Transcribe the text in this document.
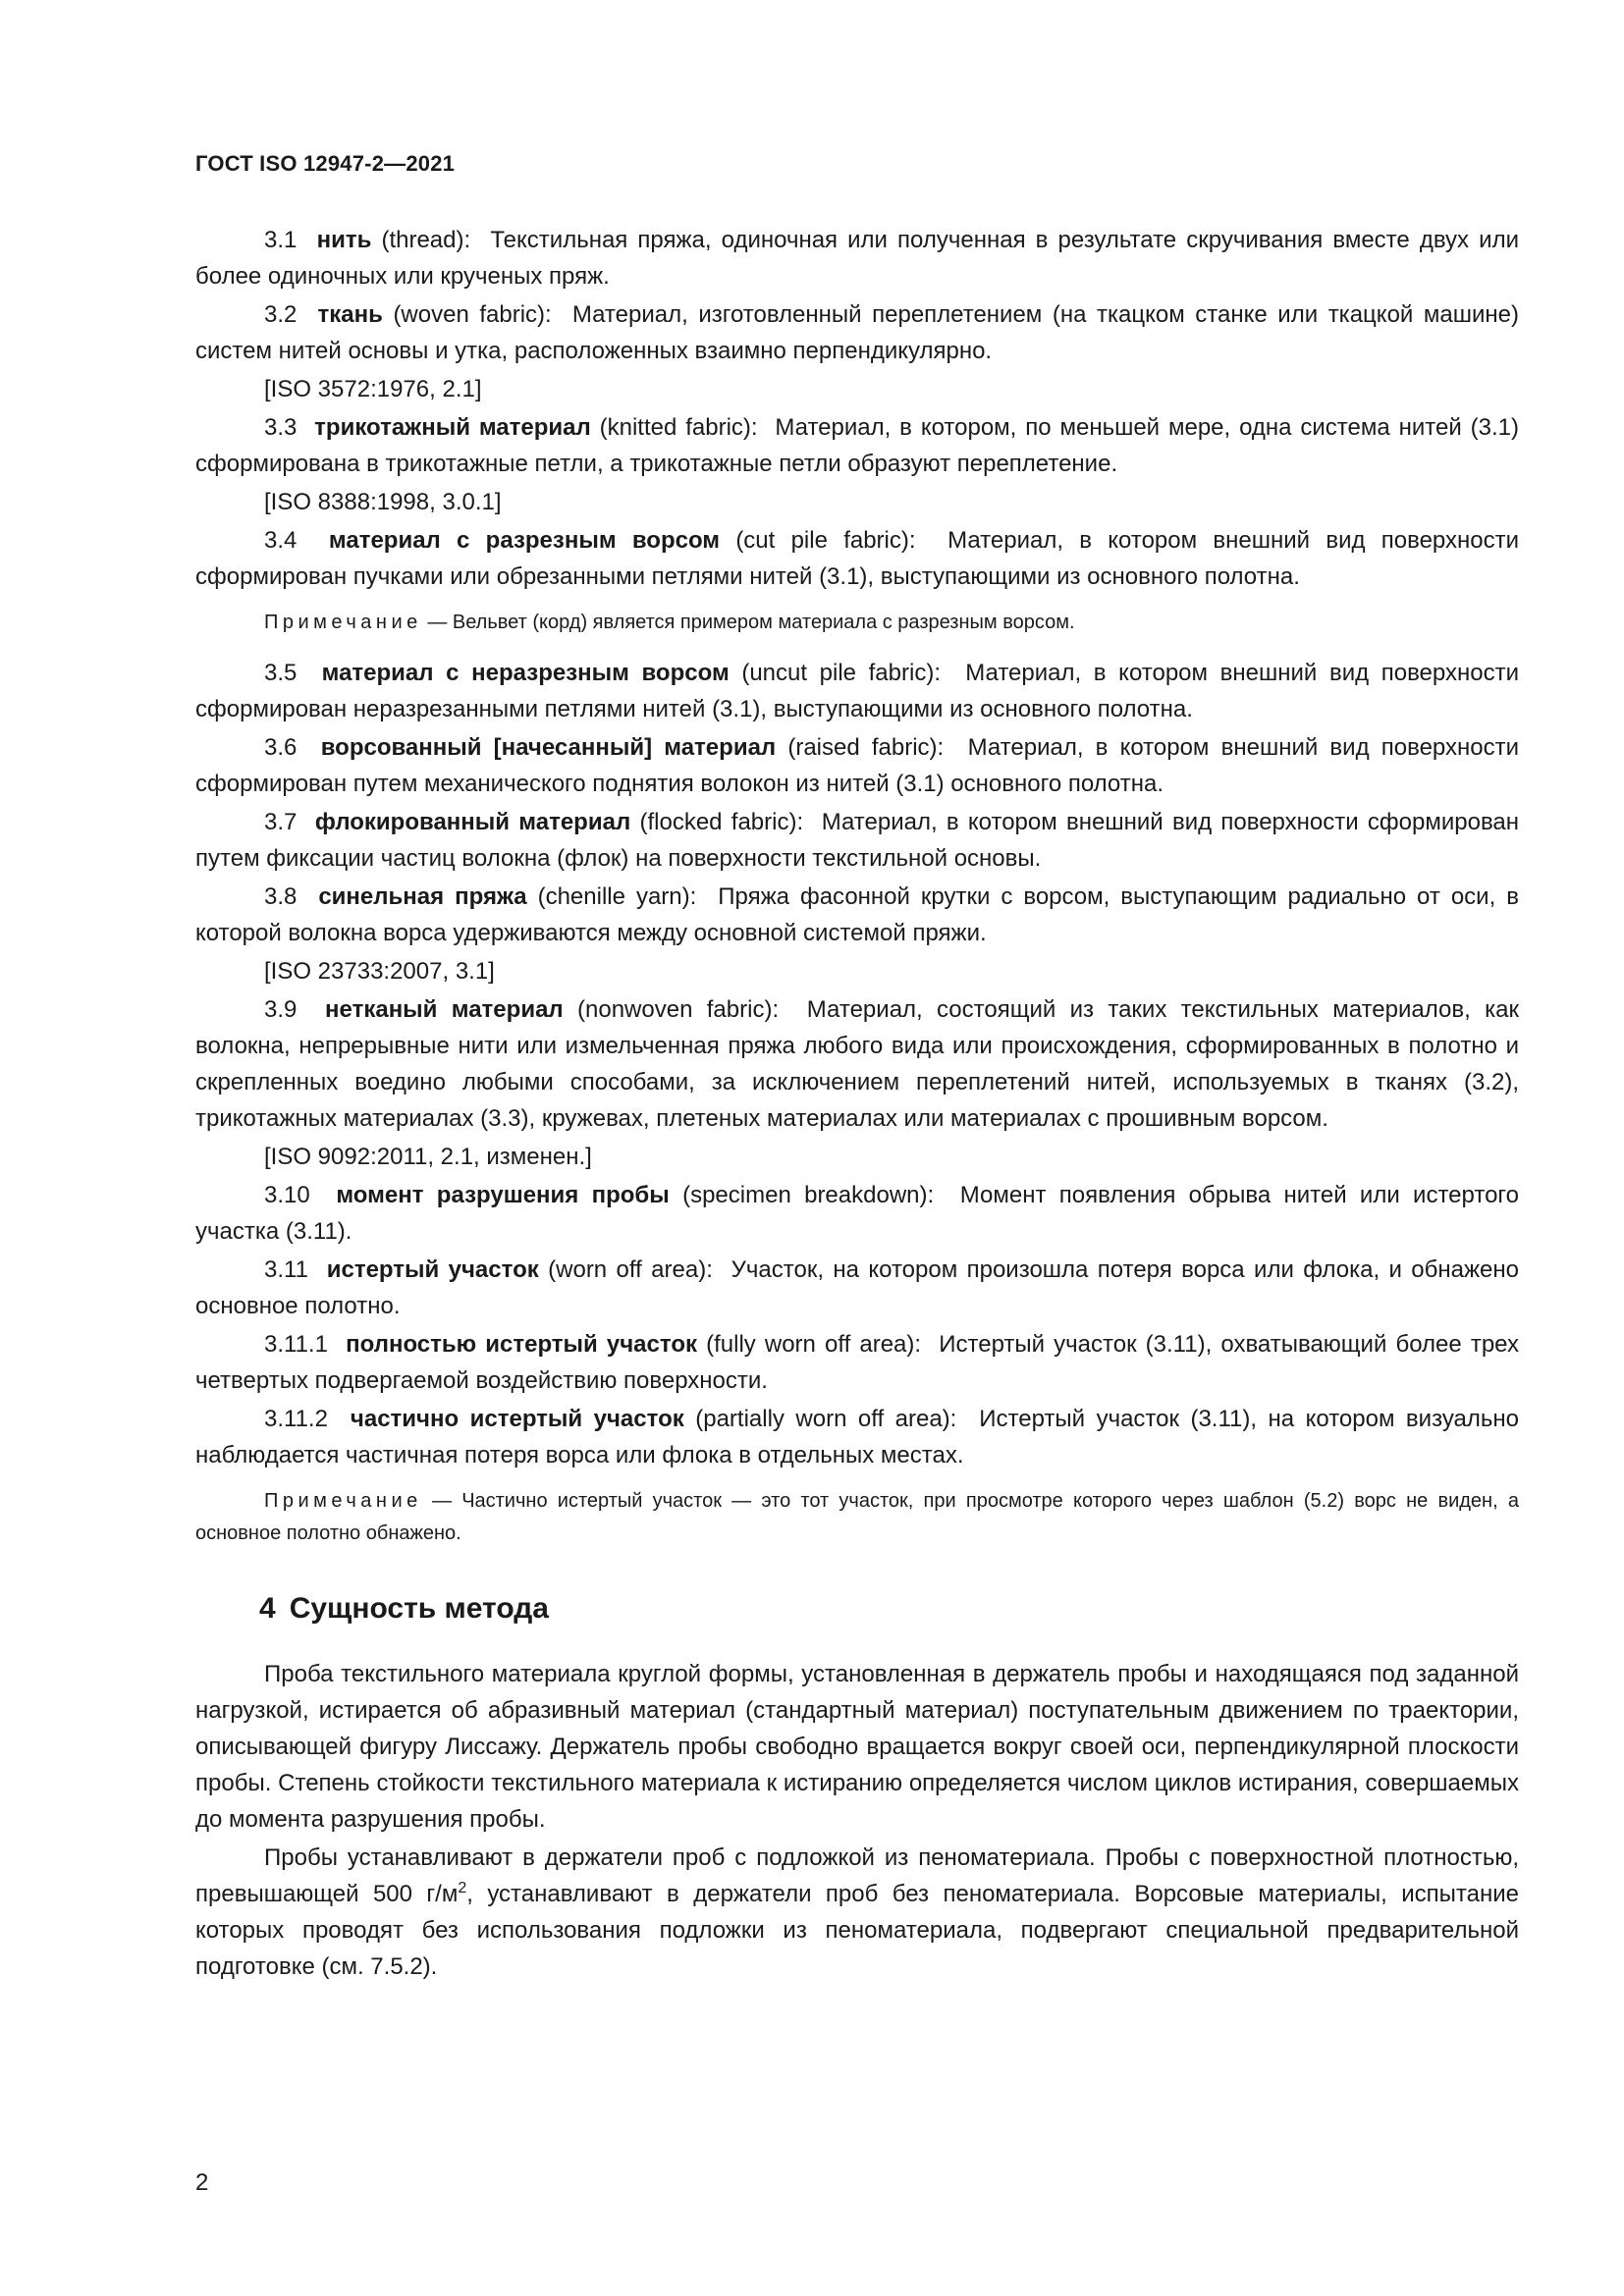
ГОСТ ISO 12947-2—2021

3.1 нить (thread): Текстильная пряжа, одиночная или полученная в результате скручивания вместе двух или более одиночных или крученых пряж.

3.2 ткань (woven fabric): Материал, изготовленный переплетением (на ткацком станке или ткацкой машине) систем нитей основы и утка, расположенных взаимно перпендикулярно.

[ISO 3572:1976, 2.1]

3.3 трикотажный материал (knitted fabric): Материал, в котором, по меньшей мере, одна система нитей (3.1) сформирована в трикотажные петли, а трикотажные петли образуют переплетение.

[ISO 8388:1998, 3.0.1]

3.4 материал с разрезным ворсом (cut pile fabric): Материал, в котором внешний вид поверхности сформирован пучками или обрезанными петлями нитей (3.1), выступающими из основного полотна.

Примечание — Вельвет (корд) является примером материала с разрезным ворсом.

3.5 материал с неразрезным ворсом (uncut pile fabric): Материал, в котором внешний вид поверхности сформирован неразрезанными петлями нитей (3.1), выступающими из основного полотна.

3.6 ворсованный [начесанный] материал (raised fabric): Материал, в котором внешний вид поверхности сформирован путем механического поднятия волокон из нитей (3.1) основного полотна.

3.7 флокированный материал (flocked fabric): Материал, в котором внешний вид поверхности сформирован путем фиксации частиц волокна (флок) на поверхности текстильной основы.

3.8 синельная пряжа (chenille yarn): Пряжа фасонной крутки с ворсом, выступающим радиально от оси, в которой волокна ворса удерживаются между основной системой пряжи.

[ISO 23733:2007, 3.1]

3.9 нетканый материал (nonwoven fabric): Материал, состоящий из таких текстильных материалов, как волокна, непрерывные нити или измельченная пряжа любого вида или происхождения, сформированных в полотно и скрепленных воедино любыми способами, за исключением переплетений нитей, используемых в тканях (3.2), трикотажных материалах (3.3), кружевах, плетеных материалах или материалах с прошивным ворсом.

[ISO 9092:2011, 2.1, изменен.]

3.10 момент разрушения пробы (specimen breakdown): Момент появления обрыва нитей или истертого участка (3.11).

3.11 истертый участок (worn off area): Участок, на котором произошла потеря ворса или флока, и обнажено основное полотно.

3.11.1 полностью истертый участок (fully worn off area): Истертый участок (3.11), охватывающий более трех четвертых подвергаемой воздействию поверхности.

3.11.2 частично истертый участок (partially worn off area): Истертый участок (3.11), на котором визуально наблюдается частичная потеря ворса или флока в отдельных местах.

Примечание — Частично истертый участок — это тот участок, при просмотре которого через шаблон (5.2) ворс не виден, а основное полотно обнажено.

4 Сущность метода

Проба текстильного материала круглой формы, установленная в держатель пробы и находящаяся под заданной нагрузкой, истирается об абразивный материал (стандартный материал) поступательным движением по траектории, описывающей фигуру Лиссажу. Держатель пробы свободно вращается вокруг своей оси, перпендикулярной плоскости пробы. Степень стойкости текстильного материала к истиранию определяется числом циклов истирания, совершаемых до момента разрушения пробы.

Пробы устанавливают в держатели проб с подложкой из пеноматериала. Пробы с поверхностной плотностью, превышающей 500 $г/м^2$, устанавливают в держатели проб без пеноматериала. Ворсовые материалы, испытание которых проводят без использования подложки из пеноматериала, подвергают специальной предварительной подготовке (см. 7.5.2).

2
